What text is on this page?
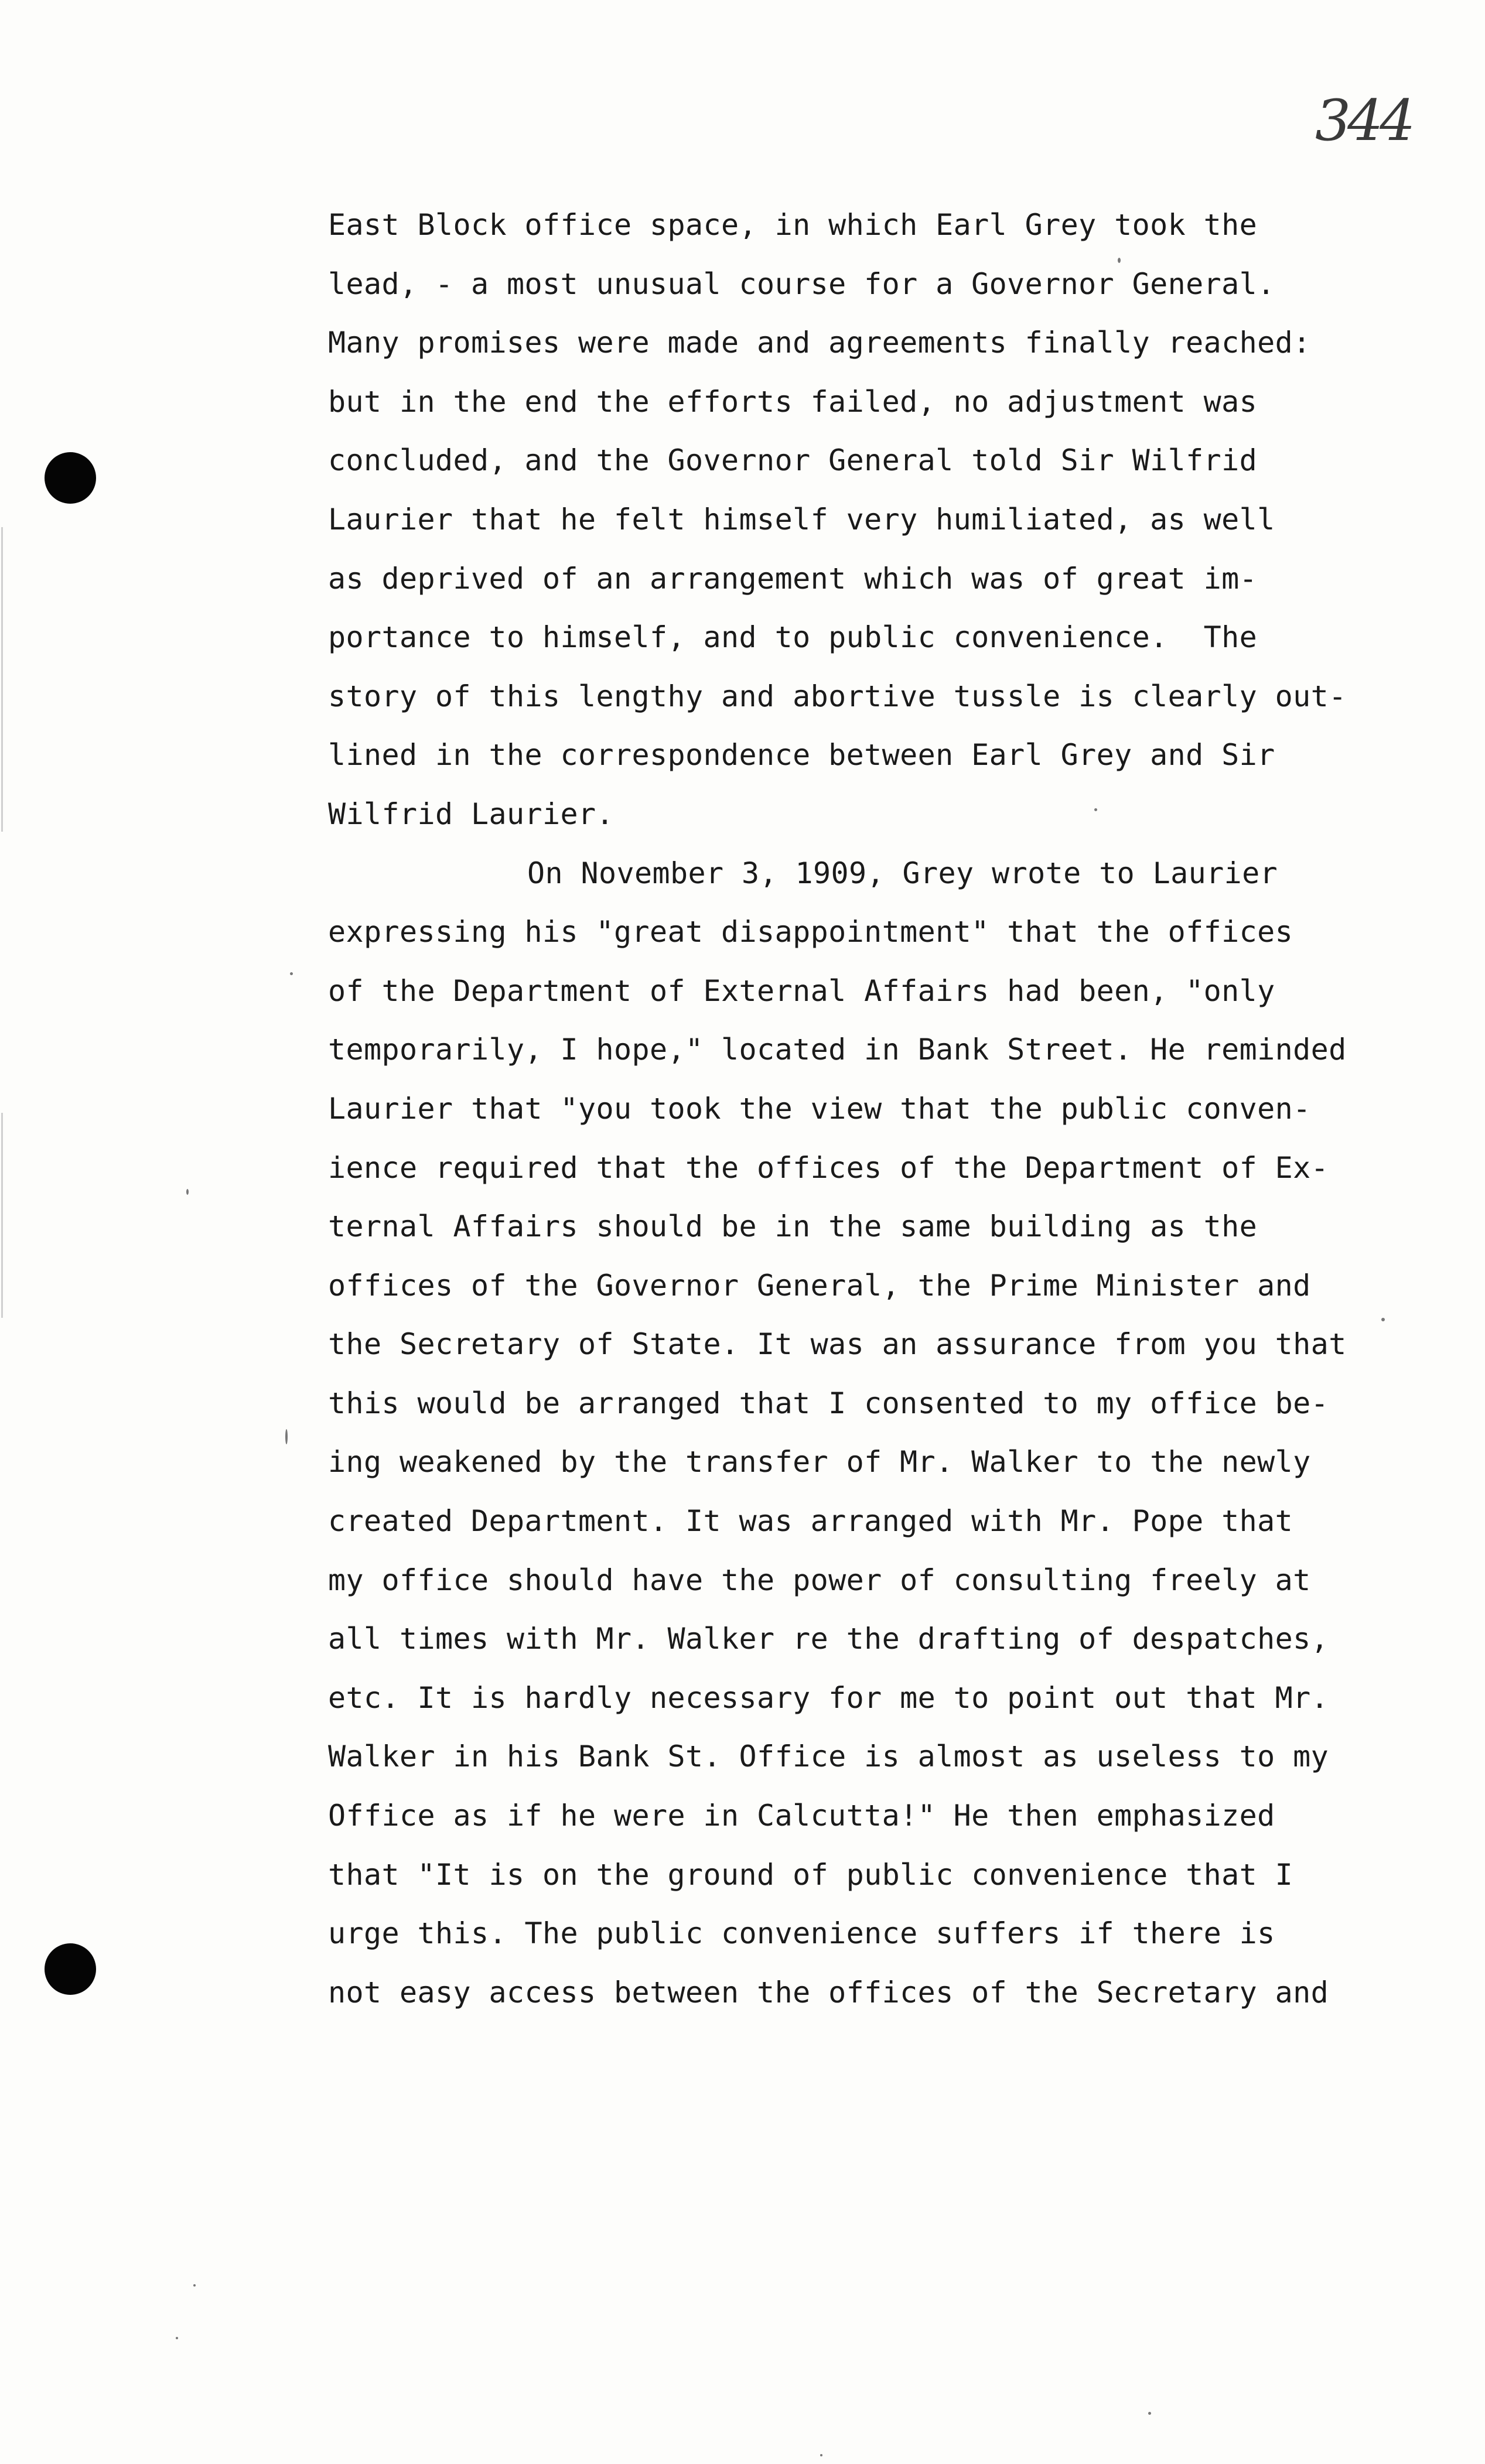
344
East Block office space, in which Earl Grey took the
lead, - a most unusual course for a Governor General.
Many promises were made and agreements finally reached:
but in the end the efforts failed, no adjustment was
concluded, and the Governor General told Sir Wilfrid
Laurier that he felt himself very humiliated, as well
as deprived of an arrangement which was of great im-
portance to himself, and to public convenience.  The
story of this lengthy and abortive tussle is clearly out-
lined in the correspondence between Earl Grey and Sir
Wilfrid Laurier.
On November 3, 1909, Grey wrote to Laurier
expressing his "great disappointment" that the offices
of the Department of External Affairs had been, "only
temporarily, I hope," located in Bank Street. He reminded
Laurier that "you took the view that the public conven-
ience required that the offices of the Department of Ex-
ternal Affairs should be in the same building as the
offices of the Governor General, the Prime Minister and
the Secretary of State. It was an assurance from you that
this would be arranged that I consented to my office be-
ing weakened by the transfer of Mr. Walker to the newly
created Department. It was arranged with Mr. Pope that
my office should have the power of consulting freely at
all times with Mr. Walker re the drafting of despatches,
etc. It is hardly necessary for me to point out that Mr.
Walker in his Bank St. Office is almost as useless to my
Office as if he were in Calcutta!" He then emphasized
that "It is on the ground of public convenience that I
urge this. The public convenience suffers if there is
not easy access between the offices of the Secretary and
